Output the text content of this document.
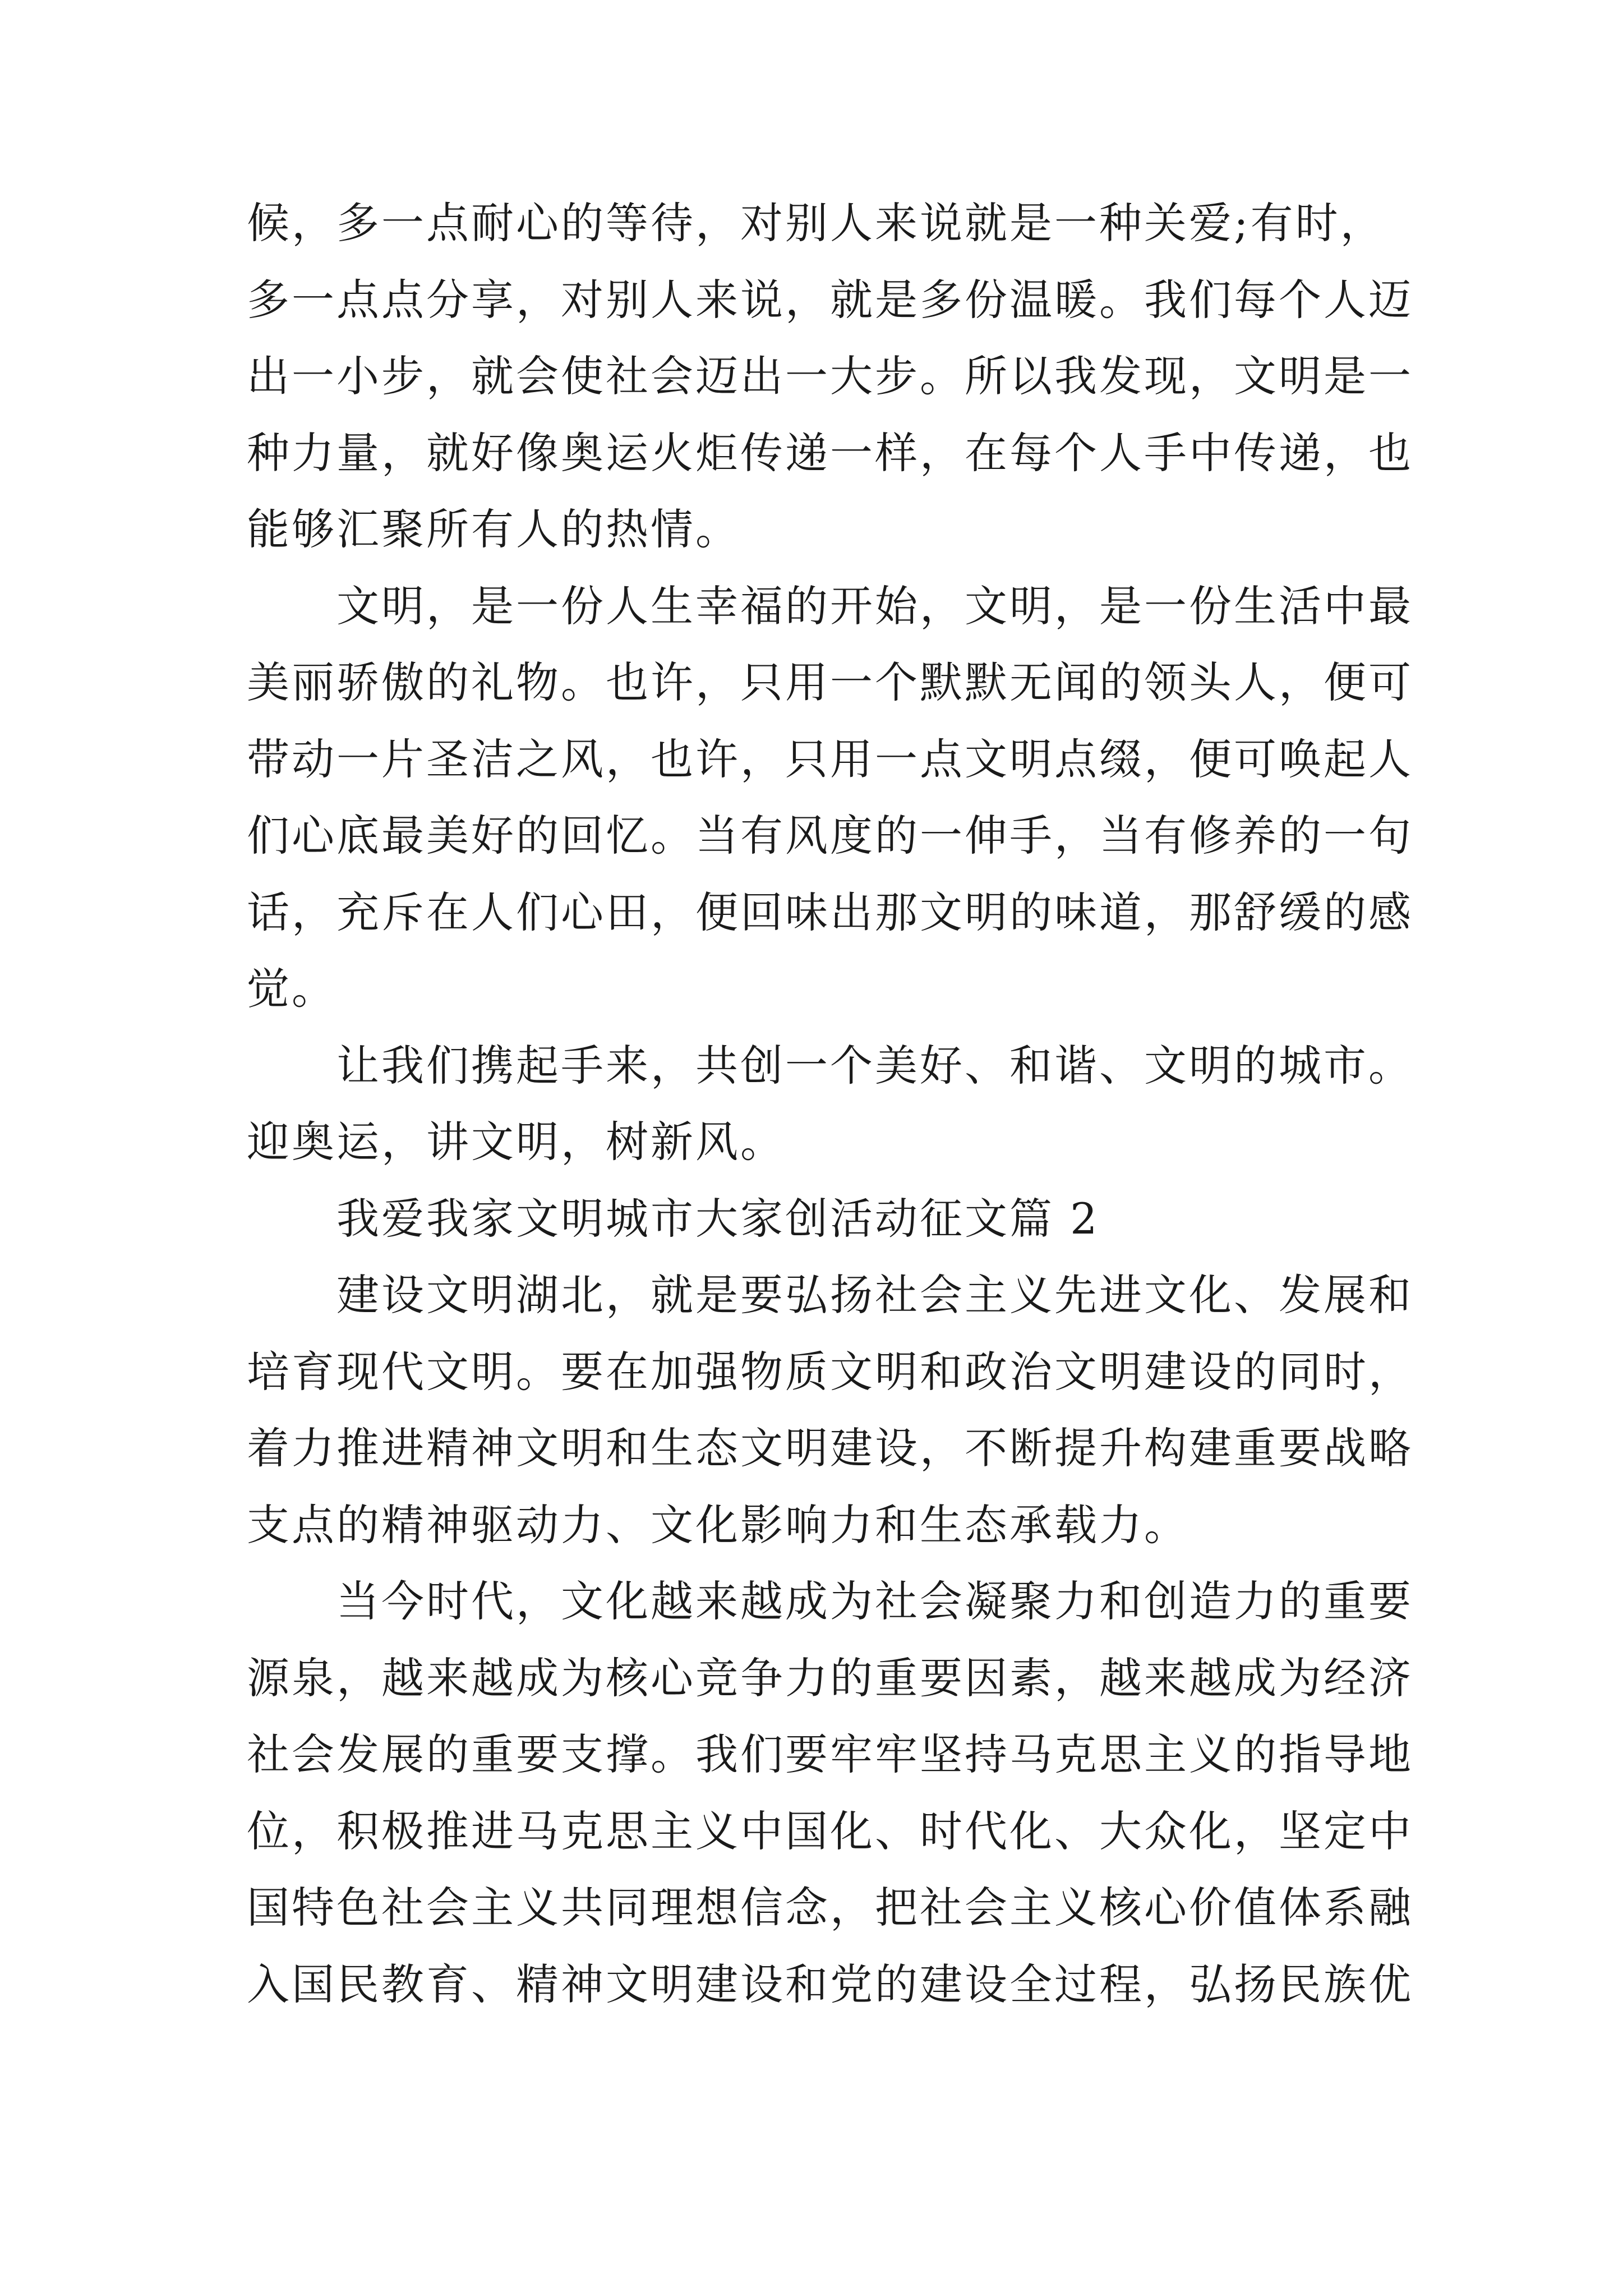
候，多一点耐心的等待，对别人来说就是一种关爱;有时，
多一点点分享，对别人来说，就是多份温暖。我们每个人迈
出一小步，就会使社会迈出一大步。所以我发现，文明是一
种力量，就好像奥运火炬传递一样，在每个人手中传递，也
能够汇聚所有人的热情。
文明，是一份人生幸福的开始，文明，是一份生活中最
美丽骄傲的礼物。也许，只用一个默默无闻的领头人，便可
带动一片圣洁之风，也许，只用一点文明点缀，便可唤起人
们心底最美好的回忆。当有风度的一伸手，当有修养的一句
话，充斥在人们心田，便回味出那文明的味道，那舒缓的感
觉。
让我们携起手来，共创一个美好、和谐、文明的城市。
迎奥运，讲文明，树新风。
我爱我家文明城市大家创活动征文篇 2
建设文明湖北，就是要弘扬社会主义先进文化、发展和
培育现代文明。要在加强物质文明和政治文明建设的同时，
着力推进精神文明和生态文明建设，不断提升构建重要战略
支点的精神驱动力、文化影响力和生态承载力。
当今时代，文化越来越成为社会凝聚力和创造力的重要
源泉，越来越成为核心竞争力的重要因素，越来越成为经济
社会发展的重要支撑。我们要牢牢坚持马克思主义的指导地
位，积极推进马克思主义中国化、时代化、大众化，坚定中
国特色社会主义共同理想信念，把社会主义核心价值体系融
入国民教育、精神文明建设和党的建设全过程，弘扬民族优
